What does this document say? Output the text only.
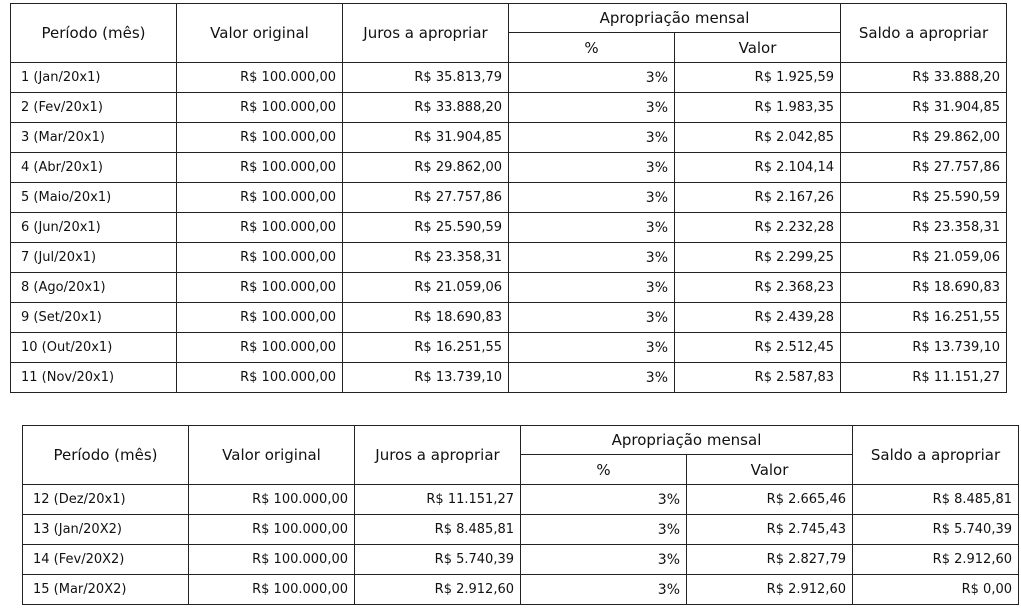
Período (mês)	Valor original	Juros a apropriar	Apropriação mensal		Saldo a apropriar
			%	Valor	
1 (Jan/20x1)	R$ 100.000,00	R$ 35.813,79	3%	R$ 1.925,59	R$ 33.888,20
2 (Fev/20x1)	R$ 100.000,00	R$ 33.888,20	3%	R$ 1.983,35	R$ 31.904,85
3 (Mar/20x1)	R$ 100.000,00	R$ 31.904,85	3%	R$ 2.042,85	R$ 29.862,00
4 (Abr/20x1)	R$ 100.000,00	R$ 29.862,00	3%	R$ 2.104,14	R$ 27.757,86
5 (Maio/20x1)	R$ 100.000,00	R$ 27.757,86	3%	R$ 2.167,26	R$ 25.590,59
6 (Jun/20x1)	R$ 100.000,00	R$ 25.590,59	3%	R$ 2.232,28	R$ 23.358,31
7 (Jul/20x1)	R$ 100.000,00	R$ 23.358,31	3%	R$ 2.299,25	R$ 21.059,06
8 (Ago/20x1)	R$ 100.000,00	R$ 21.059,06	3%	R$ 2.368,23	R$ 18.690,83
9 (Set/20x1)	R$ 100.000,00	R$ 18.690,83	3%	R$ 2.439,28	R$ 16.251,55
10 (Out/20x1)	R$ 100.000,00	R$ 16.251,55	3%	R$ 2.512,45	R$ 13.739,10
11 (Nov/20x1)	R$ 100.000,00	R$ 13.739,10	3%	R$ 2.587,83	R$ 11.151,27
Período (mês)	Valor original	Juros a apropriar	Apropriação mensal		Saldo a apropriar
			%	Valor	
12 (Dez/20x1)	R$ 100.000,00	R$ 11.151,27	3%	R$ 2.665,46	R$ 8.485,81
13 (Jan/20X2)	R$ 100.000,00	R$ 8.485,81	3%	R$ 2.745,43	R$ 5.740,39
14 (Fev/20X2)	R$ 100.000,00	R$ 5.740,39	3%	R$ 2.827,79	R$ 2.912,60
15 (Mar/20X2)	R$ 100.000,00	R$ 2.912,60	3%	R$ 2.912,60	R$ 0,00
